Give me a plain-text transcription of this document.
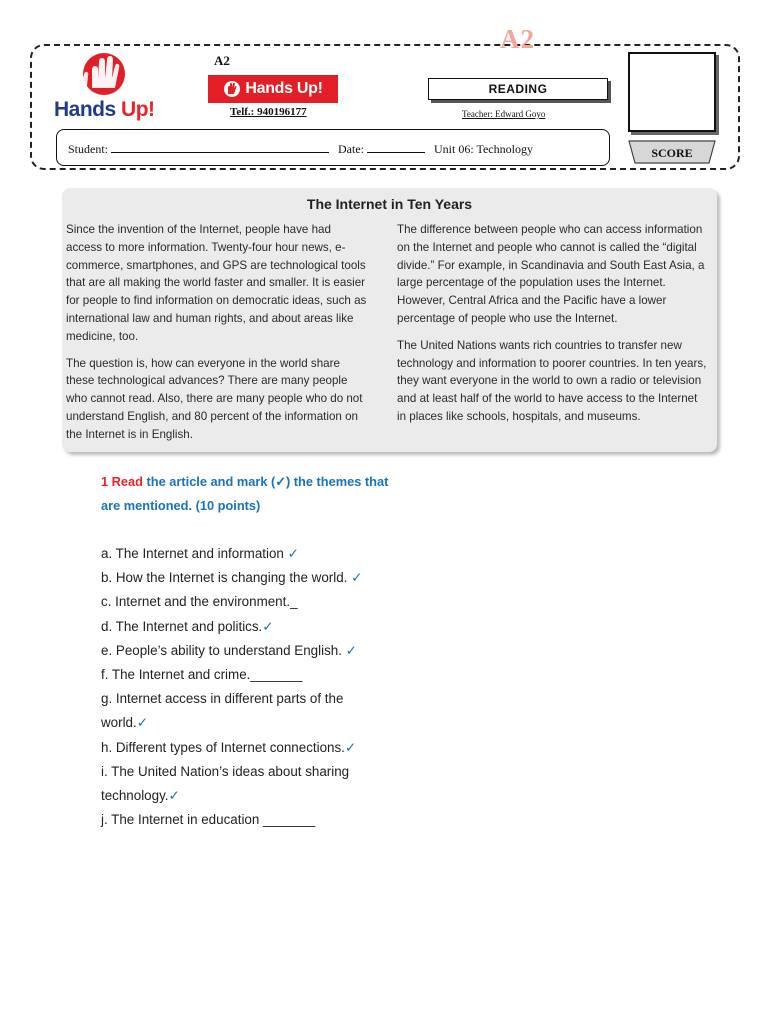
A2
A2
Hands Up!
Hands Up!
Telf.: 940196177
READING
Teacher: Edward Goyo
SCORE
Student:	Date:	Unit 06: Technology
The Internet in Ten Years

Since the invention of the Internet, people have had access to more information. Twenty-four hour news, e-commerce, smartphones, and GPS are technological tools that are all making the world faster and smaller. It is easier for people to find information on democratic ideas, such as international law and human rights, and about areas like medicine, too.

The question is, how can everyone in the world share these technological advances? There are many people who cannot read. Also, there are many people who do not understand English, and 80 percent of the information on the Internet is in English.

The difference between people who can access information on the Internet and people who cannot is called the “digital divide.” For example, in Scandinavia and South East Asia, a large percentage of the population uses the Internet. However, Central Africa and the Pacific have a lower percentage of people who use the Internet.

The United Nations wants rich countries to transfer new technology and information to poorer countries. In ten years, they want everyone in the world to own a radio or television and at least half of the world to have access to the Internet in places like schools, hospitals, and museums.

1 Read the article and mark (✓) the themes that are mentioned. (10 points)
a. The Internet and information ✓
b. How the Internet is changing the world. ✓
c. Internet and the environment._
d. The Internet and politics.✓
e. People’s ability to understand English. ✓
f. The Internet and crime._______
g. Internet access in different parts of the world.✓
h. Different types of Internet connections.✓
i. The United Nation’s ideas about sharing technology.✓
j. The Internet in education _______
